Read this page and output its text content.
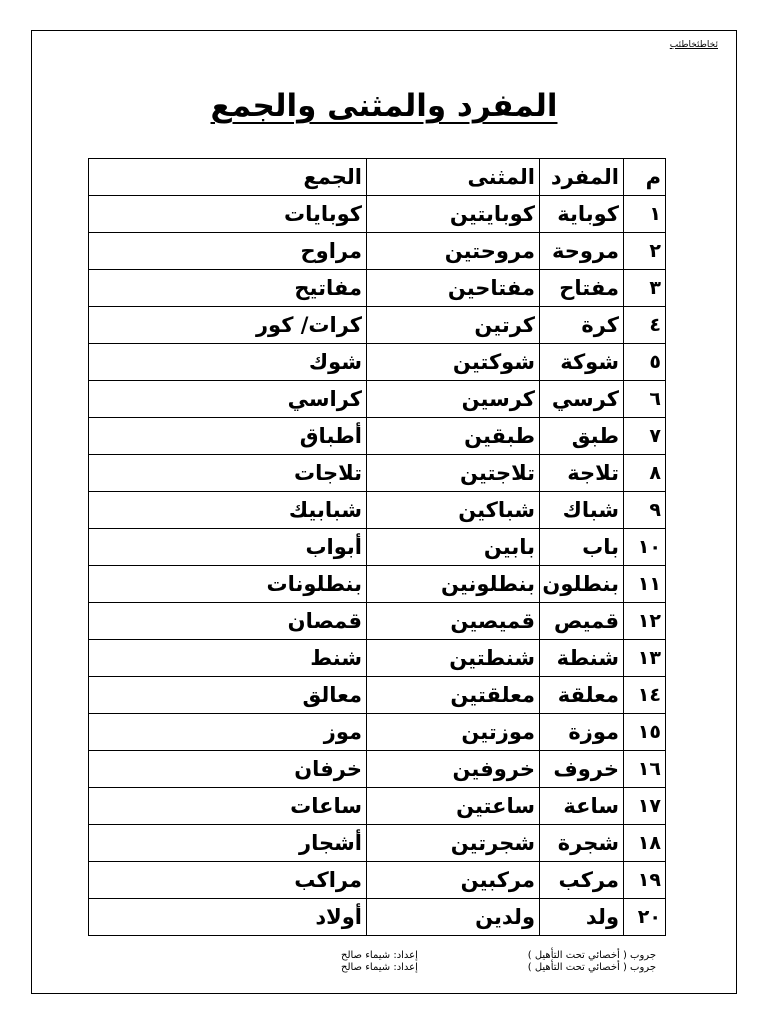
ئخاطئخاطئب
المفرد والمثنى والجمع
م	المفرد	المثنى	الجمع
١	كوباية	كوبايتين	كوبايات
٢	مروحة	مروحتين	مراوح
٣	مفتاح	مفتاحين	مفاتيح
٤	كرة	كرتين	كرات/ كور
٥	شوكة	شوكتين	شوك
٦	كرسي	كرسين	كراسي
٧	طبق	طبقين	أطباق
٨	تلاجة	تلاجتين	تلاجات
٩	شباك	شباكين	شبابيك
١٠	باب	بابين	أبواب
١١	بنطلون	بنطلونين	بنطلونات
١٢	قميص	قميصين	قمصان
١٣	شنطة	شنطتين	شنط
١٤	معلقة	معلقتين	معالق
١٥	موزة	موزتين	موز
١٦	خروف	خروفين	خرفان
١٧	ساعة	ساعتين	ساعات
١٨	شجرة	شجرتين	أشجار
١٩	مركب	مركبين	مراكب
٢٠	ولد	ولدين	أولاد
إعداد: شيماء صالح
إعداد: شيماء صالح
جروب ( أخصائي تحت التأهيل )
جروب ( أخصائي تحت التأهيل )
